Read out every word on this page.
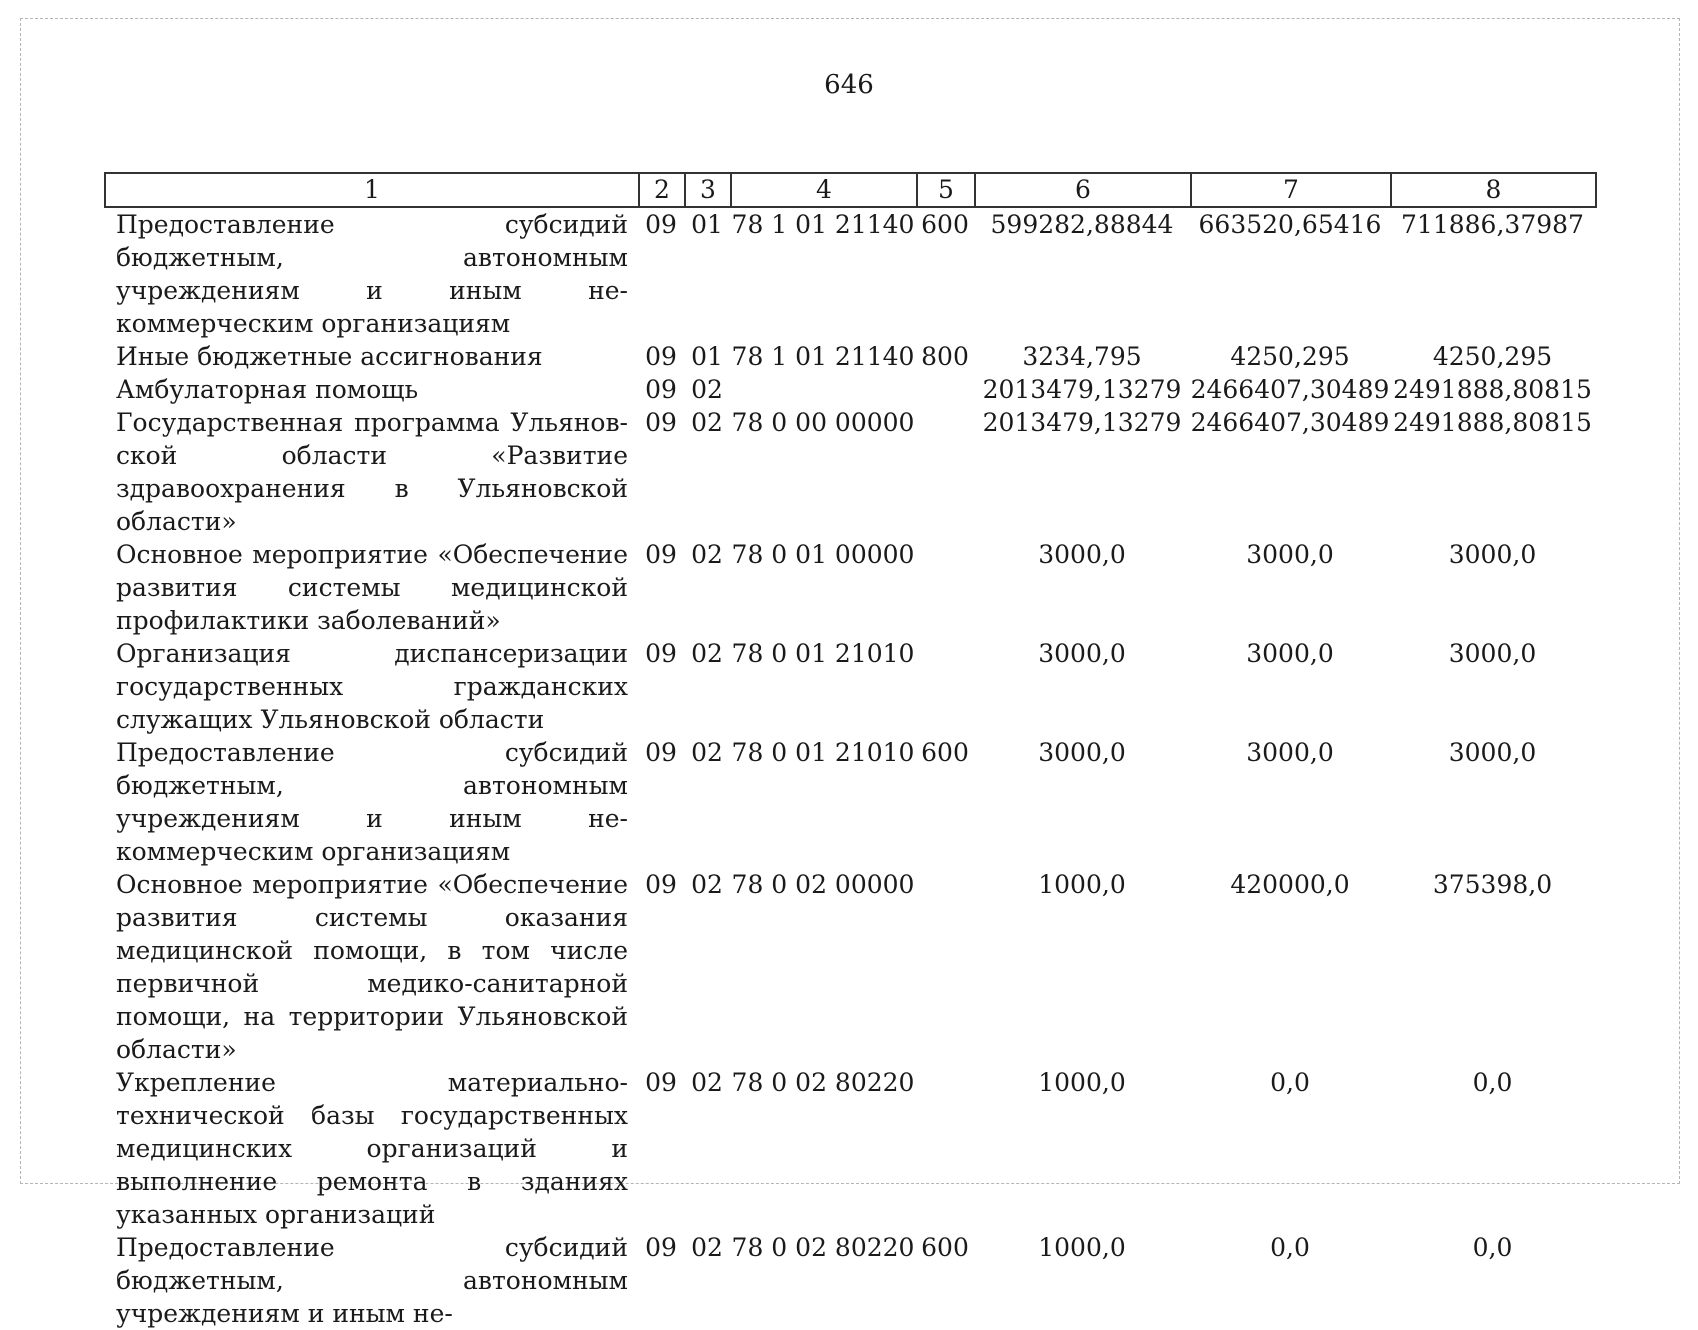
646
1	2	3	4	5	6	7	8
Предоставление субсидий бюджетным, автономным учреждениям и иным некоммерческим организациям	09	01	78 1 01 21140	600	599282,88844	663520,65416	711886,37987
Иные бюджетные ассигнования	09	01	78 1 01 21140	800	3234,795	4250,295	4250,295
Амбулаторная помощь	09	02			2013479,13279	2466407,30489	2491888,80815
Государственная программа Ульяновской области «Развитие здравоохранения в Ульяновской области»	09	02	78 0 00 00000		2013479,13279	2466407,30489	2491888,80815
Основное мероприятие «Обеспечение развития системы медицинской профилактики заболеваний»	09	02	78 0 01 00000		3000,0	3000,0	3000,0
Организация диспансеризации государственных гражданских служащих Ульяновской области	09	02	78 0 01 21010		3000,0	3000,0	3000,0
Предоставление субсидий бюджетным, автономным учреждениям и иным некоммерческим организациям	09	02	78 0 01 21010	600	3000,0	3000,0	3000,0
Основное мероприятие «Обеспечение развития системы оказания медицинской помощи, в том числе первичной медико-санитарной помощи, на территории Ульяновской области»	09	02	78 0 02 00000		1000,0	420000,0	375398,0
Укрепление материально-технической базы государственных медицинских организаций и выполнение ремонта в зданиях указанных организаций	09	02	78 0 02 80220		1000,0	0,0	0,0
Предоставление субсидий бюджетным, автономным учреждениям и иным не-	09	02	78 0 02 80220	600	1000,0	0,0	0,0
